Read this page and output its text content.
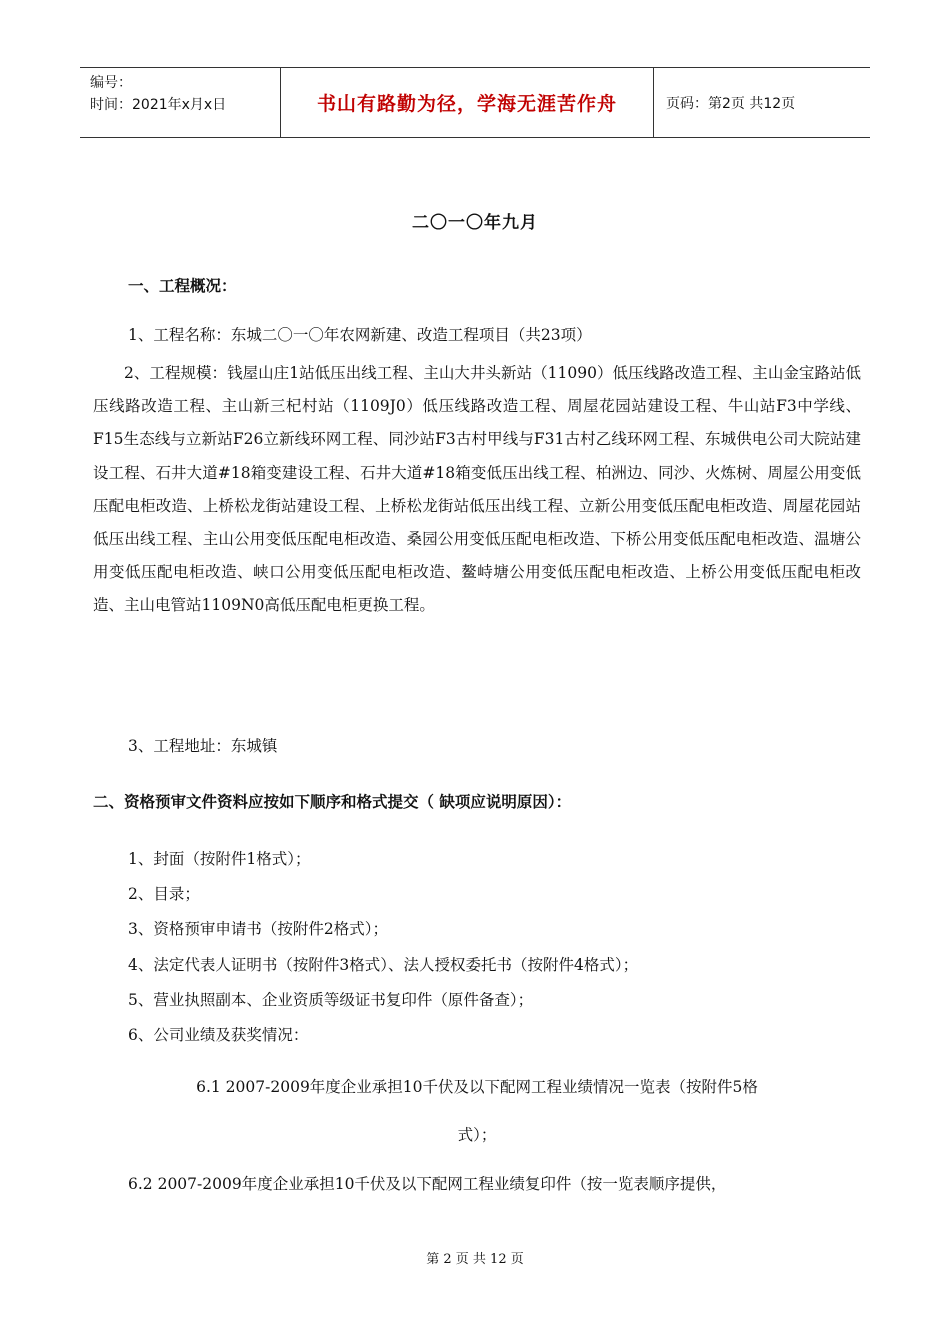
编号：
时间：2021年x月x日	书山有路勤为径，学海无涯苦作舟	页码：第2页 共12页
二〇一〇年九月
一、工程概况：
1、工程名称：东城二〇一〇年农网新建、改造工程项目（共23项）
2、工程规模：钱屋山庄1站低压出线工程、主山大井头新站（11090）低压线路改造工程、主山金宝路站低压线路改造工程、主山新三杞村站（1109J0）低压线路改造工程、周屋花园站建设工程、牛山站F3中学线、F15生态线与立新站F26立新线环网工程、同沙站F3古村甲线与F31古村乙线环网工程、东城供电公司大院站建设工程、石井大道#18箱变建设工程、石井大道#18箱变低压出线工程、柏洲边、同沙、火炼树、周屋公用变低压配电柜改造、上桥松龙街站建设工程、上桥松龙街站低压出线工程、立新公用变低压配电柜改造、周屋花园站低压出线工程、主山公用变低压配电柜改造、桑园公用变低压配电柜改造、下桥公用变低压配电柜改造、温塘公用变低压配电柜改造、峡口公用变低压配电柜改造、鳌峙塘公用变低压配电柜改造、上桥公用变低压配电柜改造、主山电管站1109N0高低压配电柜更换工程。
3、工程地址：东城镇
二、资格预审文件资料应按如下顺序和格式提交（ 缺项应说明原因）：
1、封面（按附件1格式）；
2、目录；
3、资格预审申请书（按附件2格式）；
4、法定代表人证明书（按附件3格式）、法人授权委托书（按附件4格式）；
5、营业执照副本、企业资质等级证书复印件（原件备查）；
6、公司业绩及获奖情况：
6.1 2007-2009年度企业承担10千伏及以下配网工程业绩情况一览表（按附件5格
式）；
6.2 2007-2009年度企业承担10千伏及以下配网工程业绩复印件（按一览表顺序提供，
第 2 页 共 12 页
